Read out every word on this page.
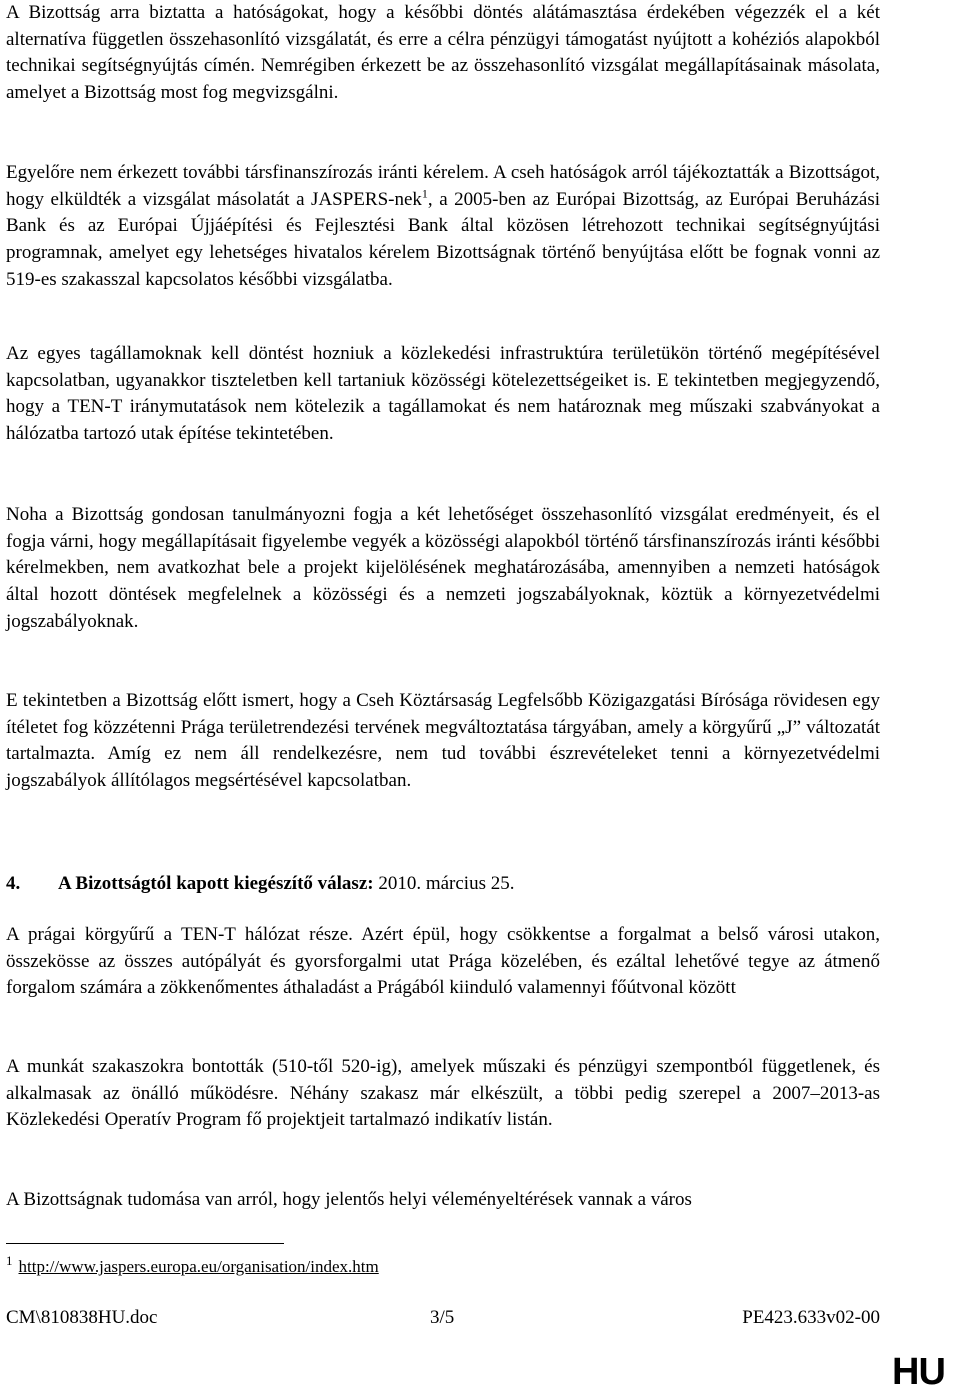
A Bizottság arra biztatta a hatóságokat, hogy a későbbi döntés alátámasztása érdekében végezzék el a két alternatíva független összehasonlító vizsgálatát, és erre a célra pénzügyi támogatást nyújtott a kohéziós alapokból technikai segítségnyújtás címén. Nemrégiben érkezett be az összehasonlító vizsgálat megállapításainak másolata, amelyet a Bizottság most fog megvizsgálni.

Egyelőre nem érkezett további társfinanszírozás iránti kérelem. A cseh hatóságok arról tájékoztatták a Bizottságot, hogy elküldték a vizsgálat másolatát a JASPERS-nek$^1$, a 2005-ben az Európai Bizottság, az Európai Beruházási Bank és az Európai Újjáépítési és Fejlesztési Bank által közösen létrehozott technikai segítségnyújtási programnak, amelyet egy lehetséges hivatalos kérelem Bizottságnak történő benyújtása előtt be fognak vonni az 519-es szakasszal kapcsolatos későbbi vizsgálatba.

Az egyes tagállamoknak kell döntést hozniuk a közlekedési infrastruktúra területükön történő megépítésével kapcsolatban, ugyanakkor tiszteletben kell tartaniuk közösségi kötelezettségeiket is. E tekintetben megjegyzendő, hogy a TEN-T iránymutatások nem kötelezik a tagállamokat és nem határoznak meg műszaki szabványokat a hálózatba tartozó utak építése tekintetében.

Noha a Bizottság gondosan tanulmányozni fogja a két lehetőséget összehasonlító vizsgálat eredményeit, és el fogja várni, hogy megállapításait figyelembe vegyék a közösségi alapokból történő társfinanszírozás iránti későbbi kérelmekben, nem avatkozhat bele a projekt kijelölésének meghatározásába, amennyiben a nemzeti hatóságok által hozott döntések megfelelnek a közösségi és a nemzeti jogszabályoknak, köztük a környezetvédelmi jogszabályoknak.

E tekintetben a Bizottság előtt ismert, hogy a Cseh Köztársaság Legfelsőbb Közigazgatási Bírósága rövidesen egy ítéletet fog közzétenni Prága területrendezési tervének megváltoztatása tárgyában, amely a körgyűrű „J” változatát tartalmazta. Amíg ez nem áll rendelkezésre, nem tud további észrevételeket tenni a környezetvédelmi jogszabályok állítólagos megsértésével kapcsolatban.

4. A Bizottságtól kapott kiegészítő válasz: 2010. március 25.

A prágai körgyűrű a TEN-T hálózat része. Azért épül, hogy csökkentse a forgalmat a belső városi utakon, összekösse az összes autópályát és gyorsforgalmi utat Prága közelében, és ezáltal lehetővé tegye az átmenő forgalom számára a zökkenőmentes áthaladást a Prágából kiinduló valamennyi főútvonal között

A munkát szakaszokra bontották (510-től 520-ig), amelyek műszaki és pénzügyi szempontból függetlenek, és alkalmasak az önálló működésre. Néhány szakasz már elkészült, a többi pedig szerepel a 2007–2013-as Közlekedési Operatív Program fő projektjeit tartalmazó indikatív listán.

A Bizottságnak tudomása van arról, hogy jelentős helyi véleményeltérések vannak a város

$^1$ http://www.jaspers.europa.eu/organisation/index.htm
CM\810838HU.doc	3/5	PE423.633v02-00
HU
